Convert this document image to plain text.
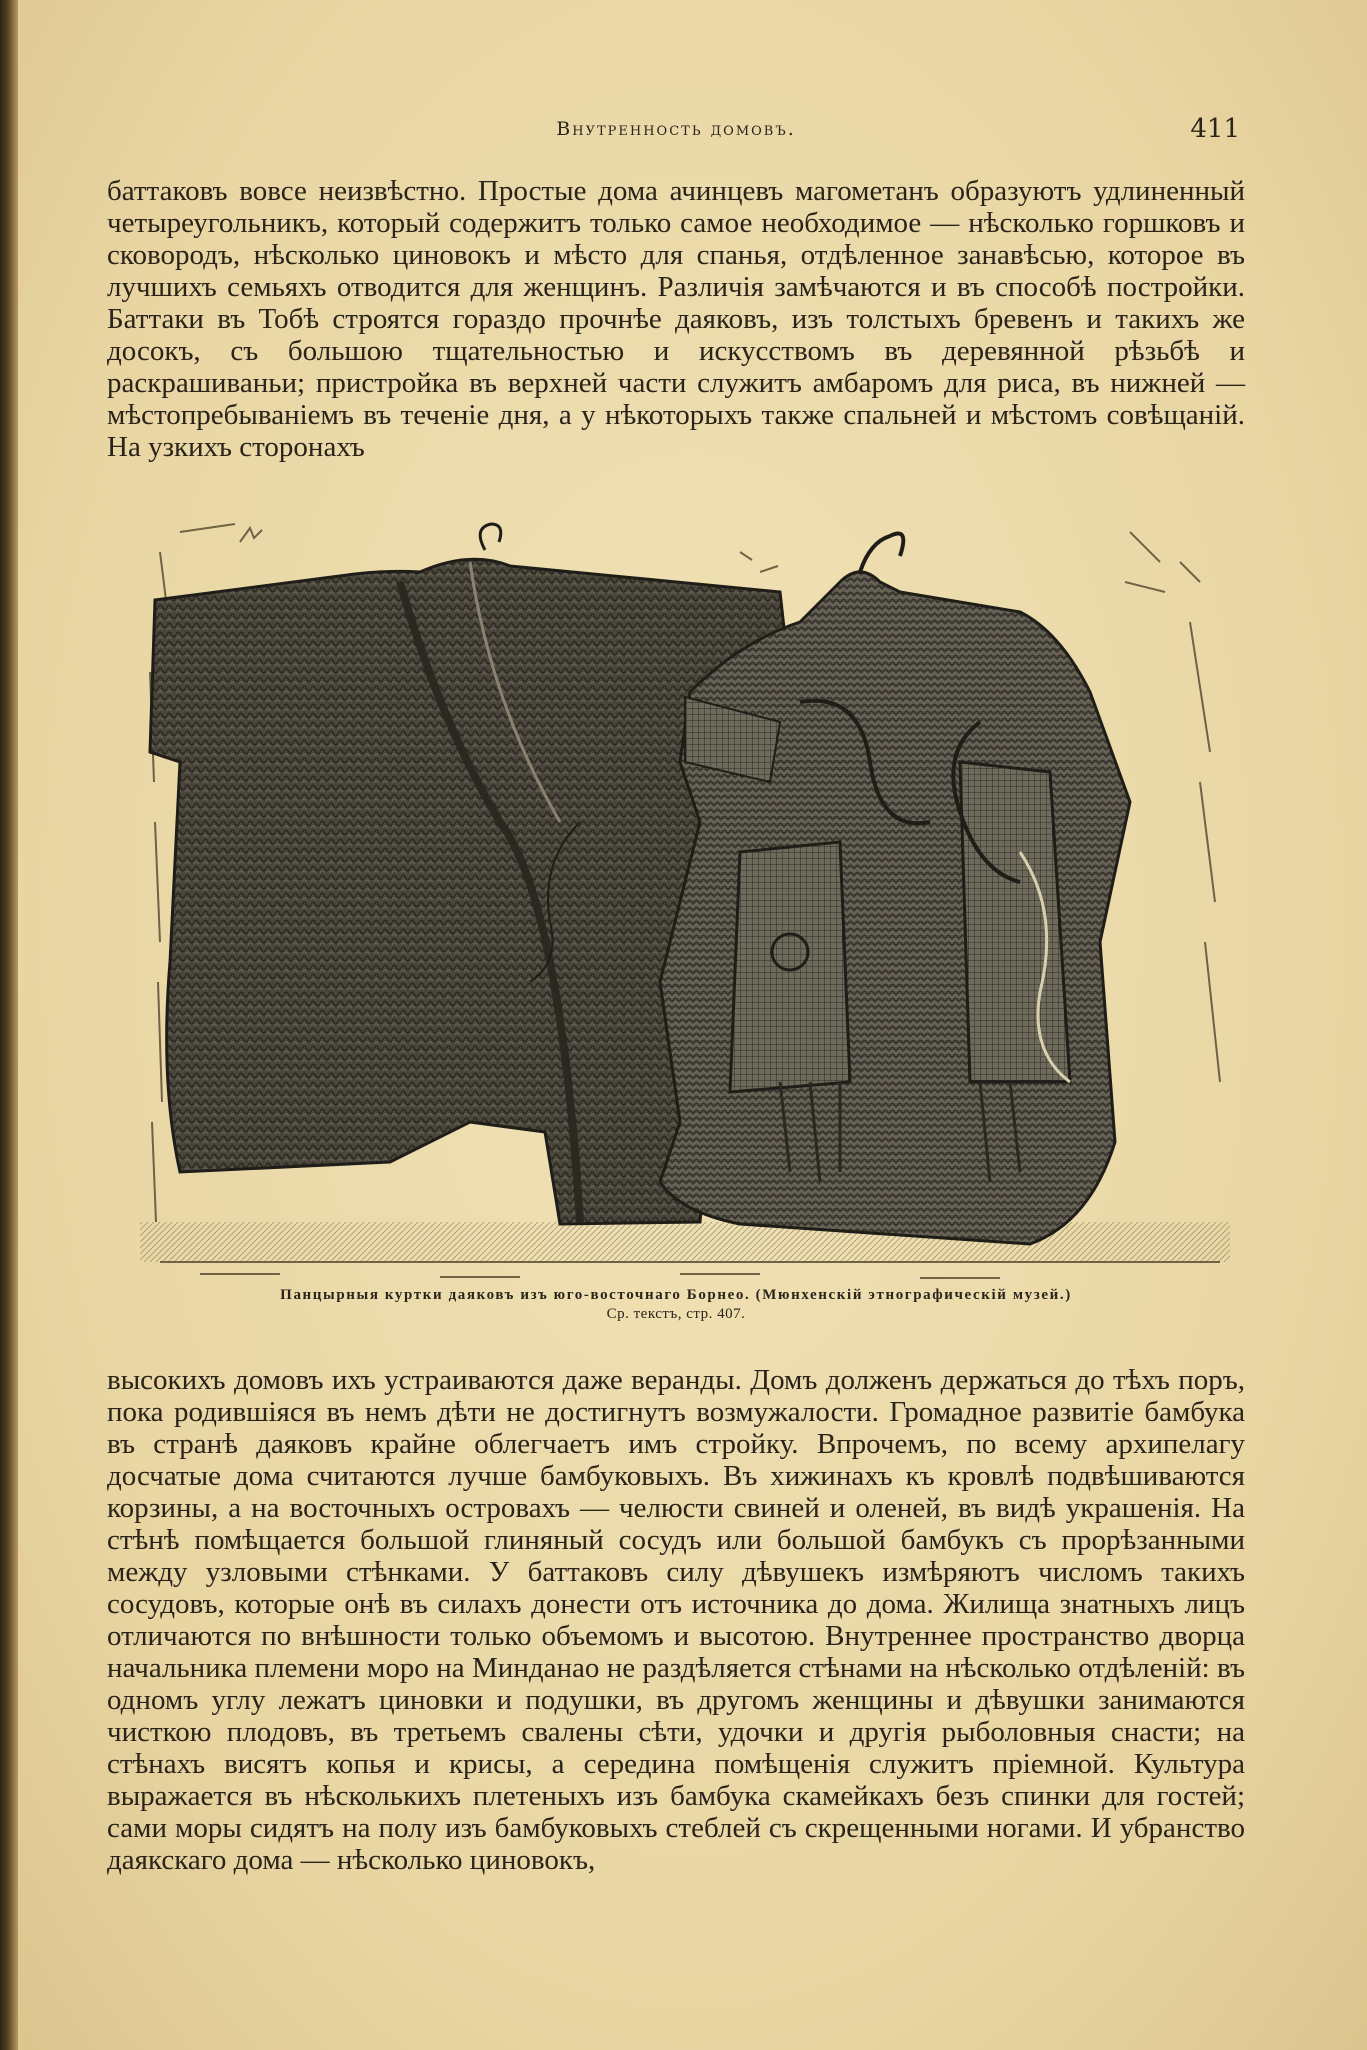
Внутренность домовъ.	411

баттаковъ вовсе неизвѣстно. Простые дома ачинцевъ магометанъ образуютъ удлиненный четыреугольникъ, который содержитъ только самое необходимое — нѣсколько горшковъ и сковородъ, нѣсколько циновокъ и мѣсто для спанья, отдѣленное занавѣсью, которое въ лучшихъ семьяхъ отводится для женщинъ. Различія замѣчаются и въ способѣ постройки. Баттаки въ Тобѣ строятся гораздо прочнѣе даяковъ, изъ толстыхъ бревенъ и такихъ же досокъ, съ большою тщательностью и искусствомъ въ деревянной рѣзьбѣ и раскрашиваньи; пристройка въ верхней части служитъ амбаромъ для риса, въ нижней — мѣстопребываніемъ въ теченіе дня, а у нѣкоторыхъ также спальней и мѣстомъ совѣщаній. На узкихъ сторонахъ

Панцырныя куртки даяковъ изъ юго-восточнаго Борнео. (Мюнхенскій этнографическій музей.)
Ср. текстъ, стр. 407.

высокихъ домовъ ихъ устраиваются даже веранды. Домъ долженъ держаться до тѣхъ поръ, пока родившіяся въ немъ дѣти не достигнутъ возмужалости. Громадное развитіе бамбука въ странѣ даяковъ крайне облегчаетъ имъ стройку. Впрочемъ, по всему архипелагу досчатые дома считаются лучше бамбуковыхъ. Въ хижинахъ къ кровлѣ подвѣшиваются корзины, а на восточныхъ островахъ — челюсти свиней и оленей, въ видѣ украшенія. На стѣнѣ помѣщается большой глиняный сосудъ или большой бамбукъ съ прорѣзанными между узловыми стѣнками. У баттаковъ силу дѣвушекъ измѣряютъ числомъ такихъ сосудовъ, которые онѣ въ силахъ донести отъ источника до дома. Жилища знатныхъ лицъ отличаются по внѣшности только объемомъ и высотою. Внутреннее пространство дворца начальника племени моро на Минданао не раздѣляется стѣнами на нѣсколько отдѣленій: въ одномъ углу лежатъ циновки и подушки, въ другомъ женщины и дѣвушки занимаются чисткою плодовъ, въ третьемъ свалены сѣти, удочки и другія рыболовныя снасти; на стѣнахъ висятъ копья и крисы, а середина помѣщенія служитъ пріемной. Культура выражается въ нѣсколькихъ плетеныхъ изъ бамбука скамейкахъ безъ спинки для гостей; сами моры сидятъ на полу изъ бамбуковыхъ стеблей съ скрещенными ногами. И убранство даякскаго дома — нѣсколько циновокъ,
